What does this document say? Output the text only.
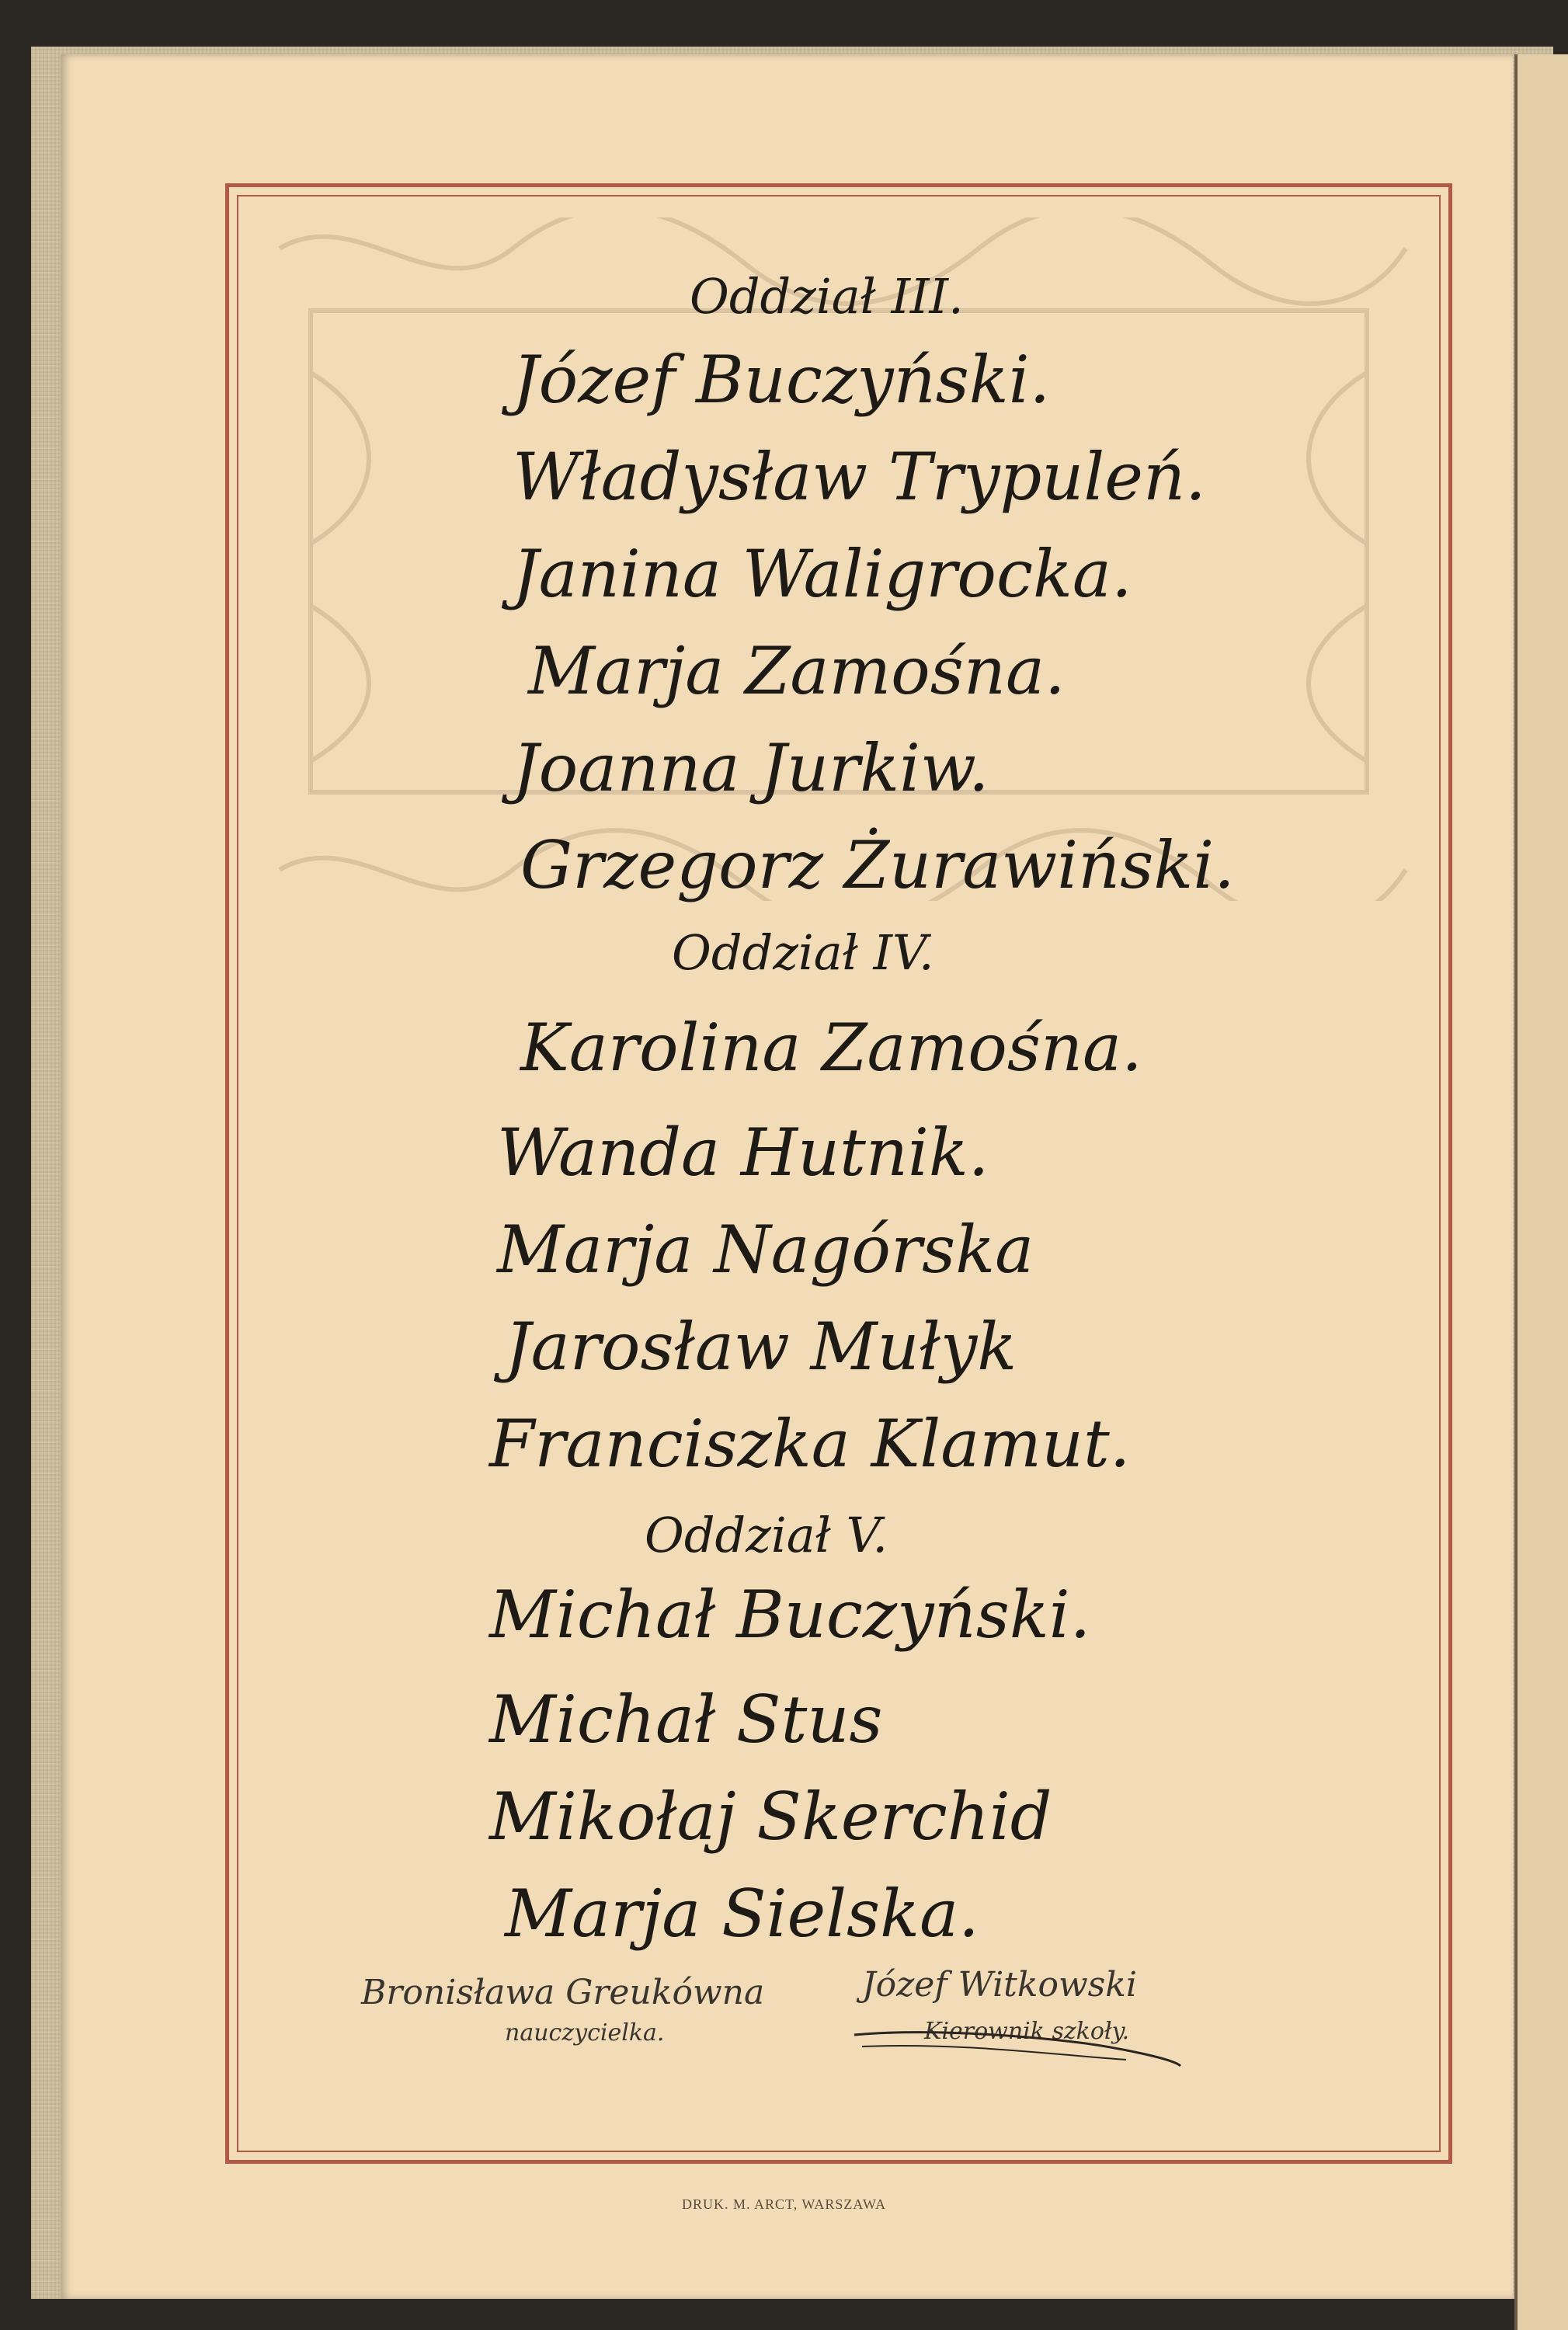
Oddział III.
Józef Buczyński.
Władysław Trypuleń.
Janina Waligrocka.
Marja Zamośna.
Joanna Jurkiw.
Grzegorz Żurawiński.
Oddział IV.
Karolina Zamośna.
Wanda Hutnik.
Marja Nagórska
Jarosław Mułyk
Franciszka Klamut.
Oddział V.
Michał Buczyński.
Michał Stus
Mikołaj Skerchid
Marja Sielska.
Bronisława Greukówna
nauczycielka.
Józef Witkowski
Kierownik szkoły.
DRUK. M. ARCT, WARSZAWA
